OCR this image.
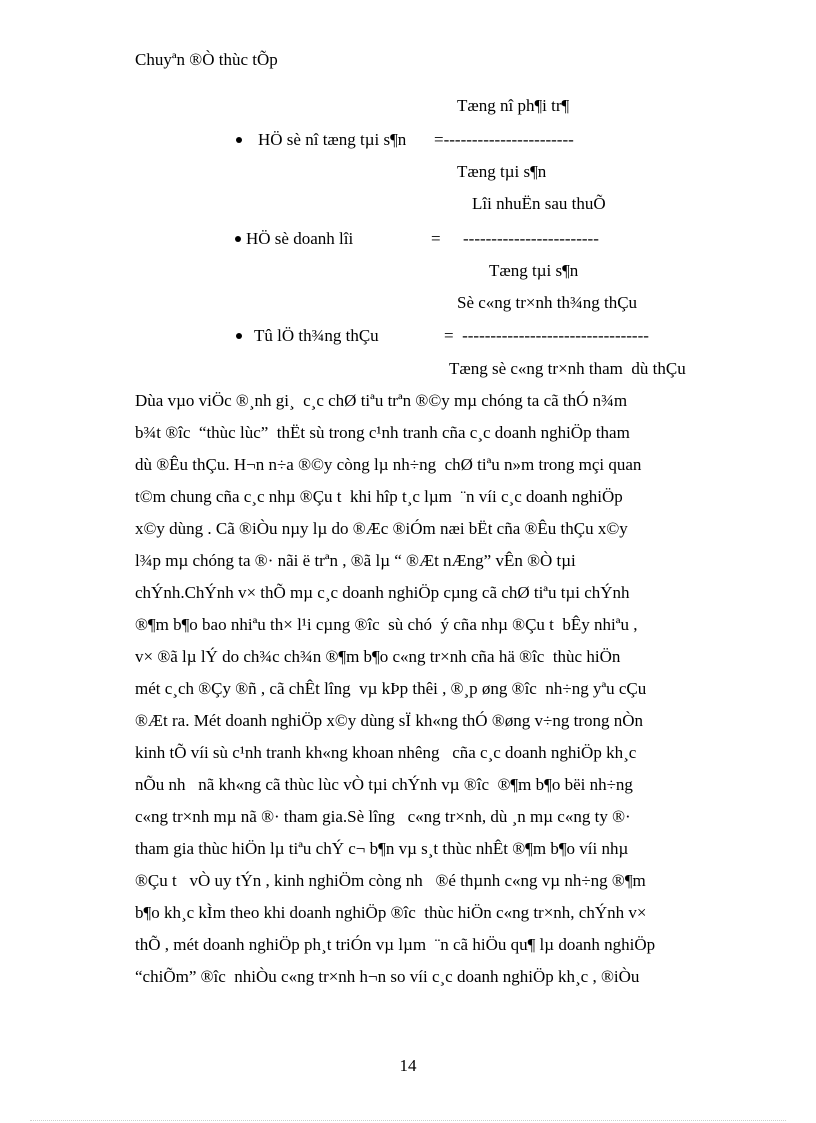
Chuyªn ®Ò thùc tÕp
Tæng nî ph¶i tr¶
HÖ sè nî tæng tµi s¶n =-----------------------
Tæng tµi s¶n
Lîi nhuËn sau thuÕ
HÖ sè doanh lîi	= ------------------------
Tæng tµi s¶n
Sè c«ng tr×nh th¾ng thÇu
Tû lÖ th¾ng thÇu	=  ---------------------------------
Tæng sè c«ng tr×nh tham  dù thÇu
Dùa vµo viÖc ®¸nh gi¸  c¸c chØ tiªu trªn ®©y mµ chóng ta cã thÓ n¾m
b¾t ®îc  “thùc lùc”  thËt sù trong c¹nh tranh cña c¸c doanh nghiÖp tham
dù ®Êu thÇu. H¬n n÷a ®©y còng lµ nh÷ng  chØ tiªu n»m trong mçi quan
t©m chung cña c¸c nhµ ®Çu t  khi hîp t¸c lµm  ¨n víi c¸c doanh nghiÖp
x©y dùng . Cã ®iÒu nµy lµ do ®Æc ®iÓm næi bËt cña ®Êu thÇu x©y
l¾p mµ chóng ta ®· nãi ë trªn , ®ã lµ “ ®Æt nÆng” vÊn ®Ò tµi
chÝnh.ChÝnh v× thÕ mµ c¸c doanh nghiÖp cµng cã chØ tiªu tµi chÝnh
®¶m b¶o bao nhiªu th× l¹i cµng ®îc  sù chó  ý cña nhµ ®Çu t  bÊy nhiªu ,
v× ®ã lµ lÝ do ch¾c ch¾n ®¶m b¶o c«ng tr×nh cña hä ®îc  thùc hiÖn
mét c¸ch ®Çy ®ñ , cã chÊt lîng  vµ kÞp thêi , ®¸p øng ®îc  nh÷ng yªu cÇu
®Æt ra. Mét doanh nghiÖp x©y dùng sÏ kh«ng thÓ ®øng v÷ng trong nÒn
kinh tÕ víi sù c¹nh tranh kh«ng khoan nhêng   cña c¸c doanh nghiÖp kh¸c
nÕu nh   nã kh«ng cã thùc lùc vÒ tµi chÝnh vµ ®îc  ®¶m b¶o bëi nh÷ng
c«ng tr×nh mµ nã ®· tham gia.Sè lîng   c«ng tr×nh, dù ¸n mµ c«ng ty ®·
tham gia thùc hiÖn lµ tiªu chÝ c¬ b¶n vµ s¸t thùc nhÊt ®¶m b¶o víi nhµ
®Çu t   vÒ uy tÝn , kinh nghiÖm còng nh   ®é thµnh c«ng vµ nh÷ng ®¶m
b¶o kh¸c kÌm theo khi doanh nghiÖp ®îc  thùc hiÖn c«ng tr×nh, chÝnh v×
thÕ , mét doanh nghiÖp ph¸t triÓn vµ lµm  ¨n cã hiÖu qu¶ lµ doanh nghiÖp
“chiÕm” ®îc  nhiÒu c«ng tr×nh h¬n so víi c¸c doanh nghiÖp kh¸c , ®iÒu
14
